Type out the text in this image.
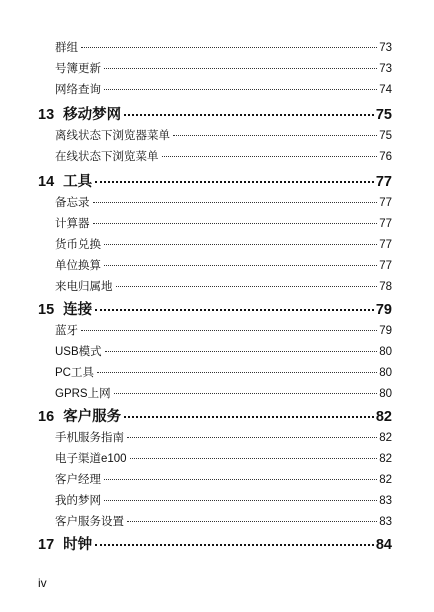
群组	73
号簿更新	73
网络查询	74
13 移动梦网	75
离线状态下浏览器菜单	75
在线状态下浏览菜单	76
14 工具	77
备忘录	77
计算器	77
货币兑换	77
单位换算	77
来电归属地	78
15 连接	79
蓝牙	79
USB模式	80
PC工具	80
GPRS上网	80
16 客户服务	82
手机服务指南	82
电子渠道e100	82
客户经理	82
我的梦网	83
客户服务设置	83
17 时钟	84
iv
